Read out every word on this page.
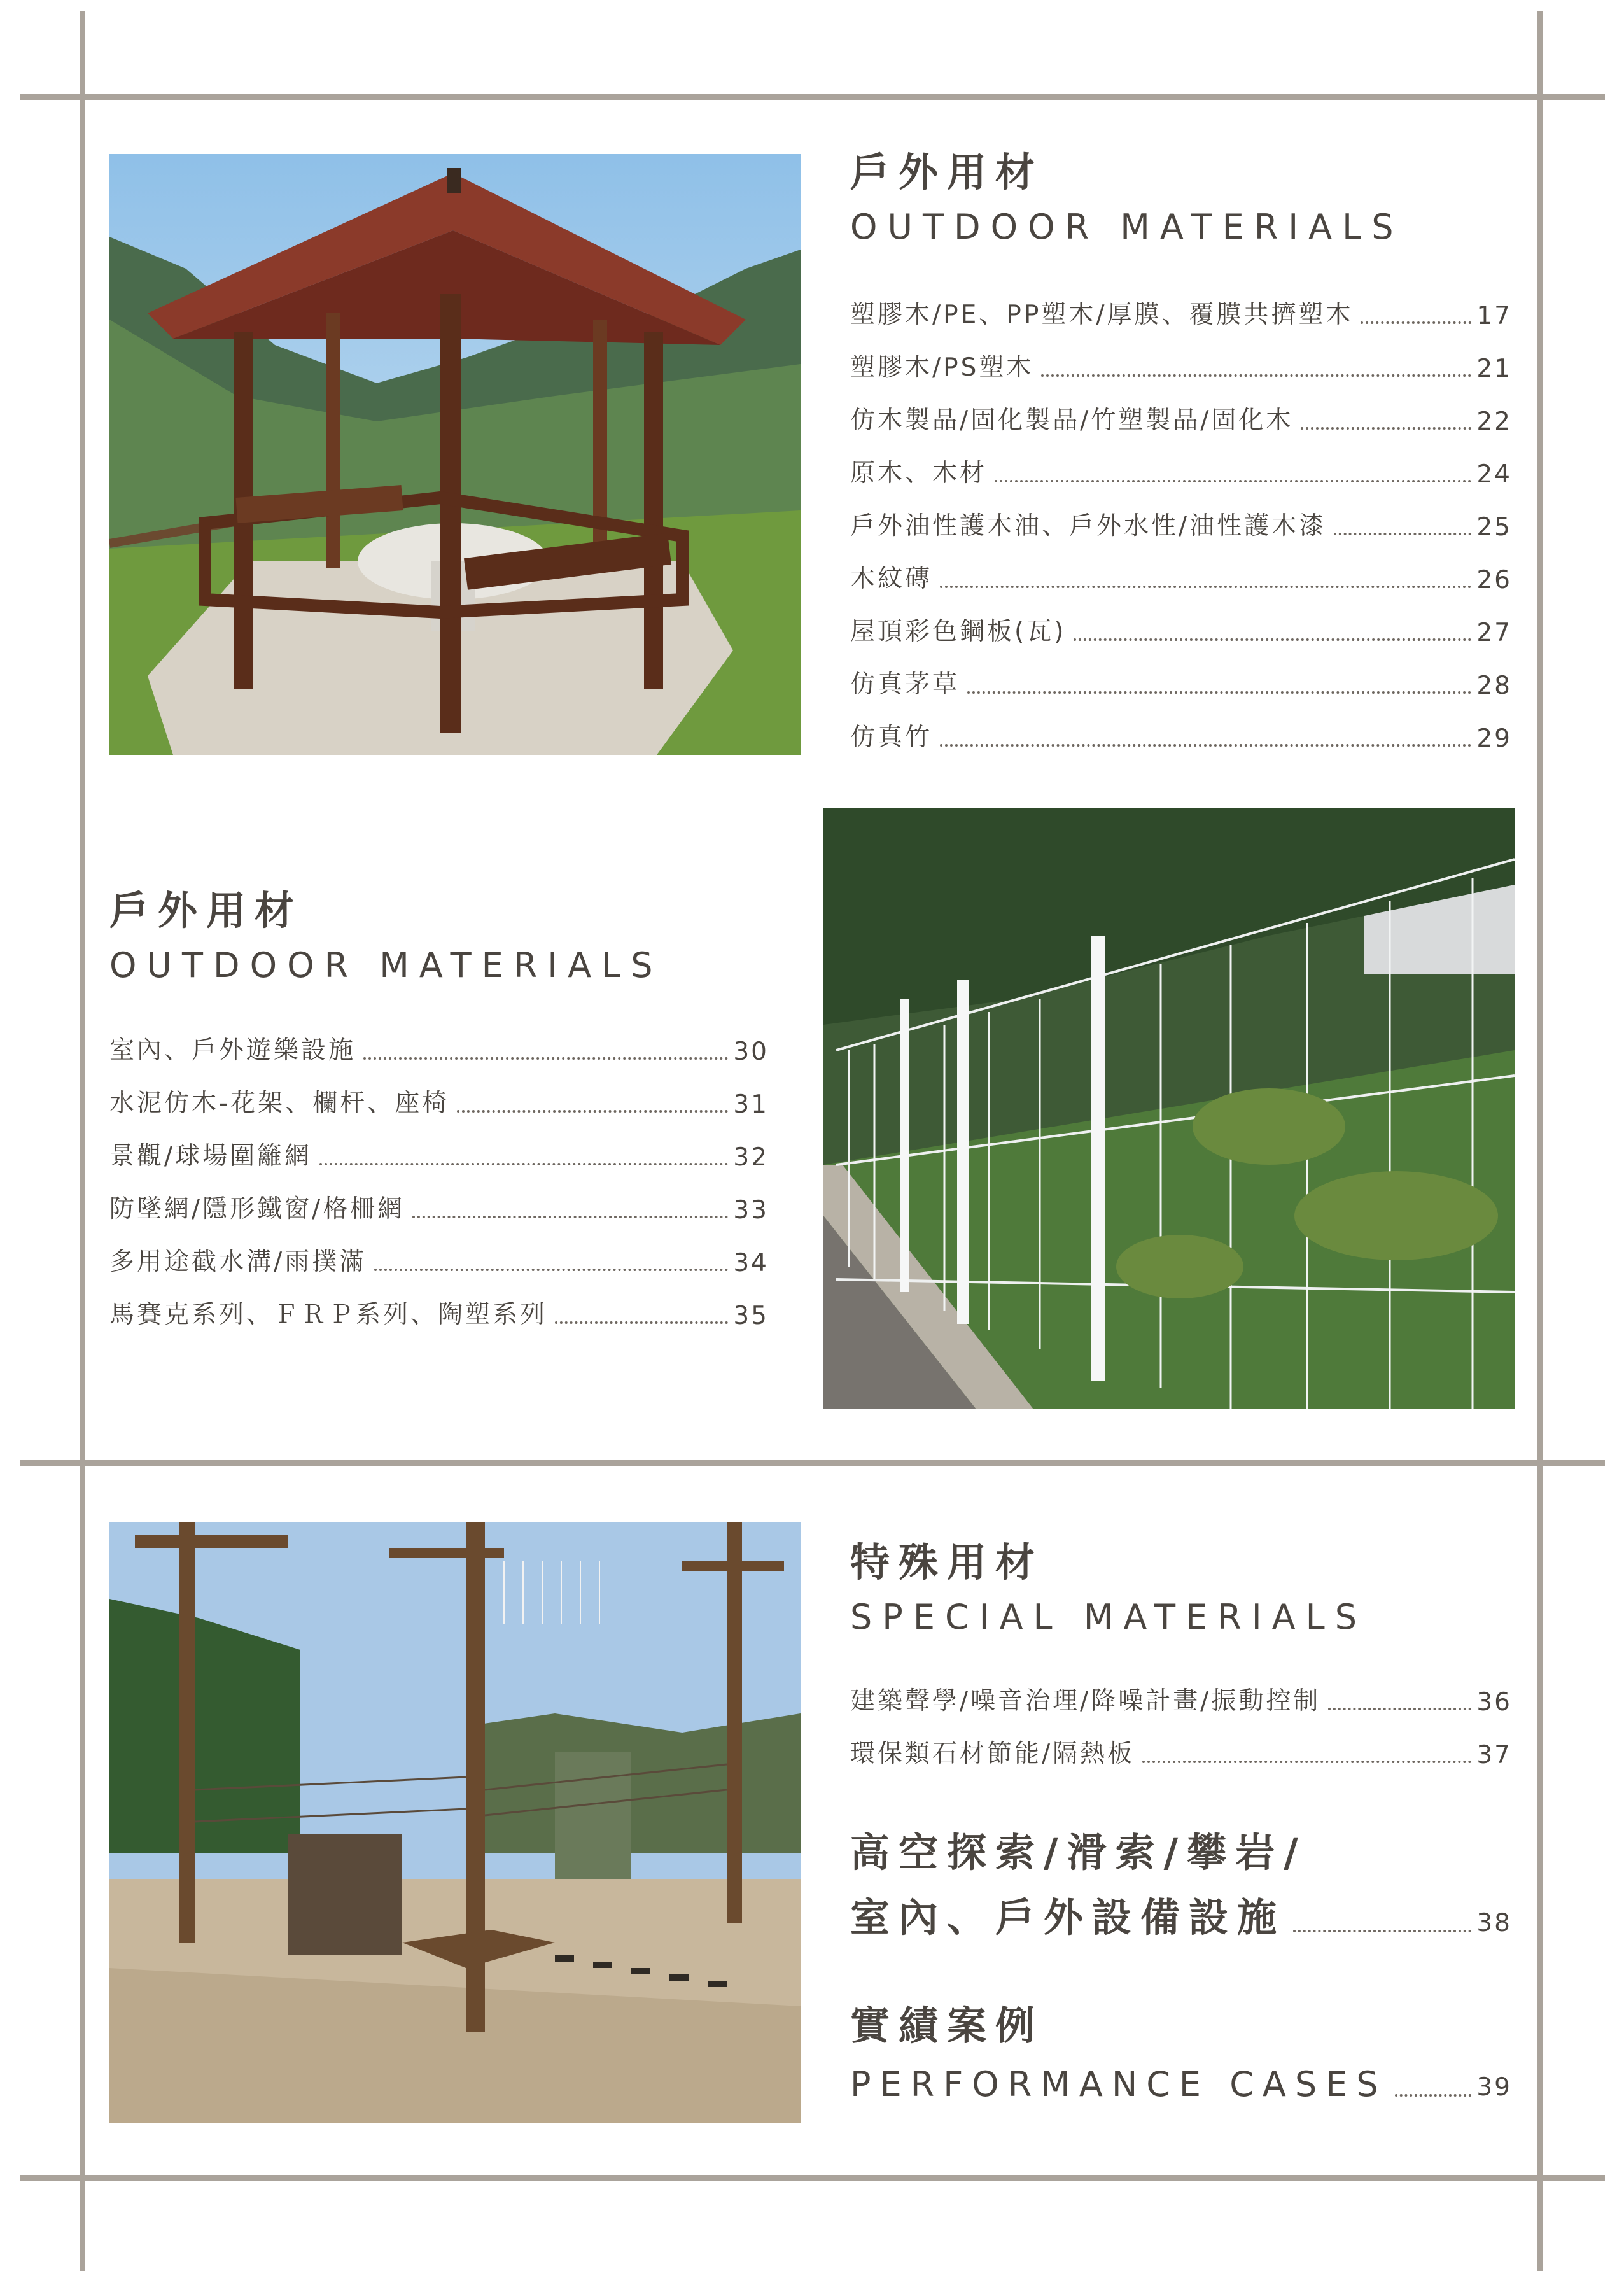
戶外用材
OUTDOOR MATERIALS
塑膠木/PE、PP塑木/厚膜、覆膜共擠塑木	17
塑膠木/PS塑木	21
仿木製品/固化製品/竹塑製品/固化木	22
原木、木材	24
戶外油性護木油、戶外水性/油性護木漆	25
木紋磚	26
屋頂彩色鋼板(瓦)	27
仿真茅草	28
仿真竹	29
戶外用材
OUTDOOR MATERIALS
室內、戶外遊樂設施	30
水泥仿木-花架、欄杆、座椅	31
景觀/球場圍籬網	32
防墜網/隱形鐵窗/格柵網	33
多用途截水溝/雨撲滿	34
馬賽克系列、ＦＲＰ系列、陶塑系列	35
特殊用材
SPECIAL MATERIALS
建築聲學/噪音治理/降噪計畫/振動控制	36
環保類石材節能/隔熱板	37
高空探索/滑索/攀岩/
室內、戶外設備設施	38
實績案例
PERFORMANCE CASES	39
